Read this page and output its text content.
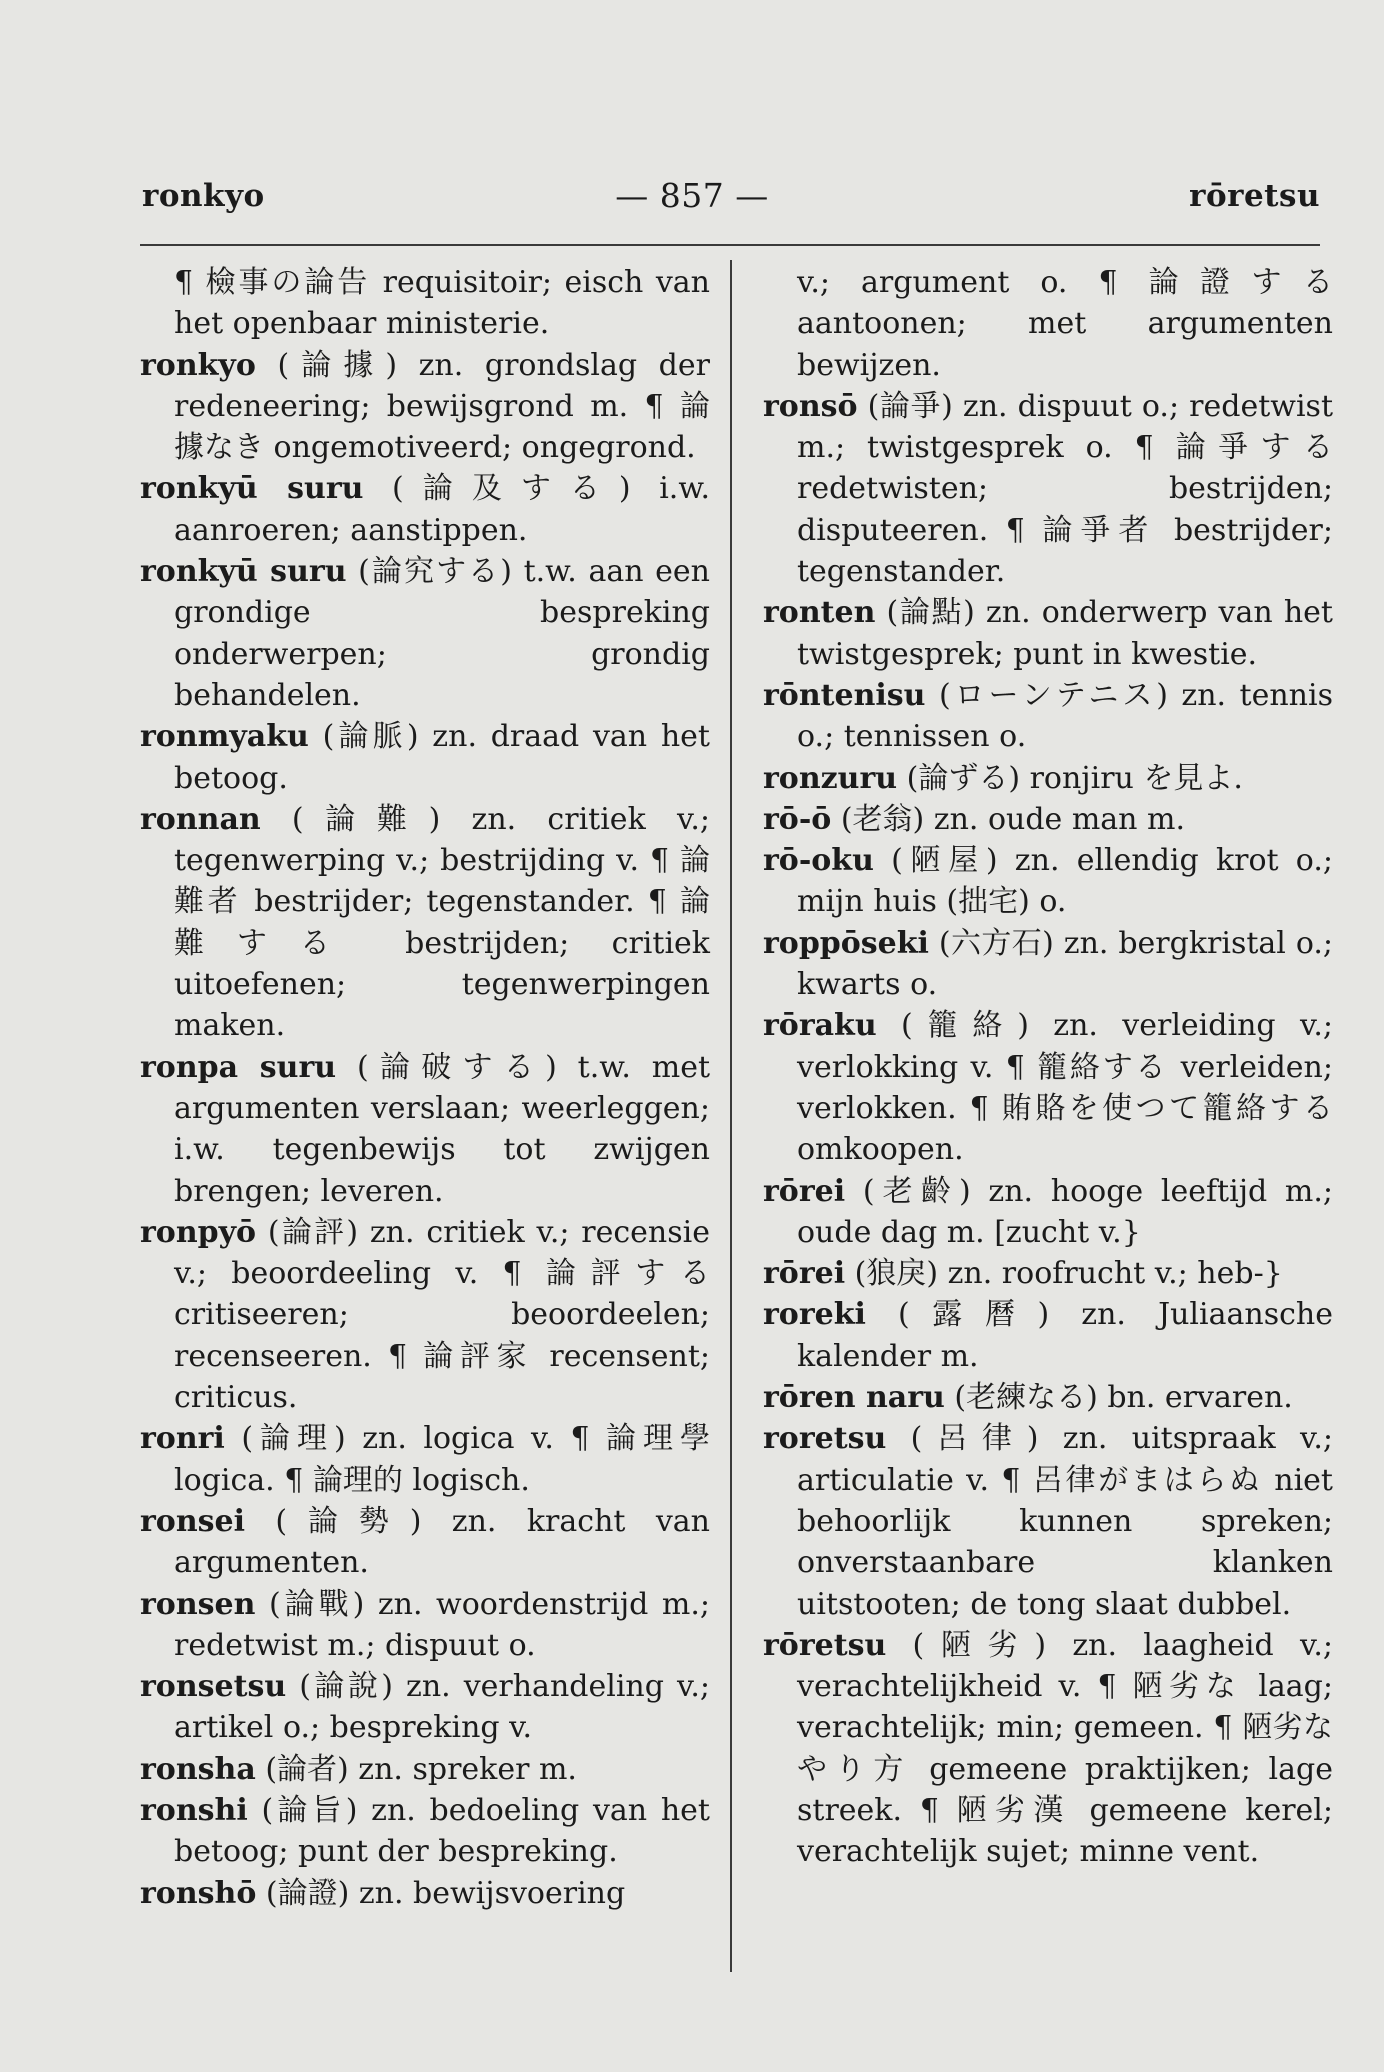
ronkyo	— 857 —	rōretsu

¶ 檢事の論告 requisitoir; eisch van het openbaar ministerie.

ronkyo (論據) zn. grondslag der redeneering; bewijsgrond m. ¶ 論據なき ongemotiveerd; ongegrond.

ronkyū suru (論及する) i.w. aanroeren; aanstippen.

ronkyū suru (論究する) t.w. aan een grondige bespreking onderwerpen; grondig behandelen.

ronmyaku (論脈) zn. draad van het betoog.

ronnan (論難) zn. critiek v.; tegenwerping v.; bestrijding v. ¶ 論難者 bestrijder; tegenstander. ¶ 論難する bestrijden; critiek uitoefenen; tegenwerpingen maken.

ronpa suru (論破する) t.w. met argumenten verslaan; weerleggen; i.w. tegenbewijs tot zwijgen brengen; leveren.

ronpyō (論評) zn. critiek v.; recensie v.; beoordeeling v. ¶ 論評する critiseeren; beoordeelen; recenseeren. ¶ 論評家 recensent; criticus.

ronri (論理) zn. logica v. ¶ 論理學 logica. ¶ 論理的 logisch.

ronsei (論勢) zn. kracht van argumenten.

ronsen (論戰) zn. woordenstrijd m.; redetwist m.; dispuut o.

ronsetsu (論說) zn. verhandeling v.; artikel o.; bespreking v.

ronsha (論者) zn. spreker m.

ronshi (論旨) zn. bedoeling van het betoog; punt der bespreking.

ronshō (論證) zn. bewijsvoering

v.; argument o. ¶ 論證する aantoonen; met argumenten bewijzen.

ronsō (論爭) zn. dispuut o.; redetwist m.; twistgesprek o. ¶ 論爭する redetwisten; bestrijden; disputeeren. ¶ 論爭者 bestrijder; tegenstander.

ronten (論點) zn. onderwerp van het twistgesprek; punt in kwestie.

rōntenisu (ローンテニス) zn. tennis o.; tennissen o.

ronzuru (論ずる) ronjiru を見よ.

rō-ō (老翁) zn. oude man m.

rō-oku (陋屋) zn. ellendig krot o.; mijn huis (拙宅) o.

roppōseki (六方石) zn. bergkristal o.; kwarts o.

rōraku (籠絡) zn. verleiding v.; verlokking v. ¶ 籠絡する verleiden; verlokken. ¶ 賄賂を使つて籠絡する omkoopen.

rōrei (老齡) zn. hooge leeftijd m.; oude dag m. [zucht v.}

rōrei (狼戾) zn. roofrucht v.; heb-}

roreki (露曆) zn. Juliaansche kalender m.

rōren naru (老練なる) bn. ervaren.

roretsu (呂律) zn. uitspraak v.; articulatie v. ¶ 呂律がまはらぬ niet behoorlijk kunnen spreken; onverstaanbare klanken uitstooten; de tong slaat dubbel.

rōretsu (陋劣) zn. laagheid v.; verachtelijkheid v. ¶ 陋劣な laag; verachtelijk; min; gemeen. ¶ 陋劣なやり方 gemeene praktijken; lage streek. ¶ 陋劣漢 gemeene kerel; verachtelijk sujet; minne vent.
